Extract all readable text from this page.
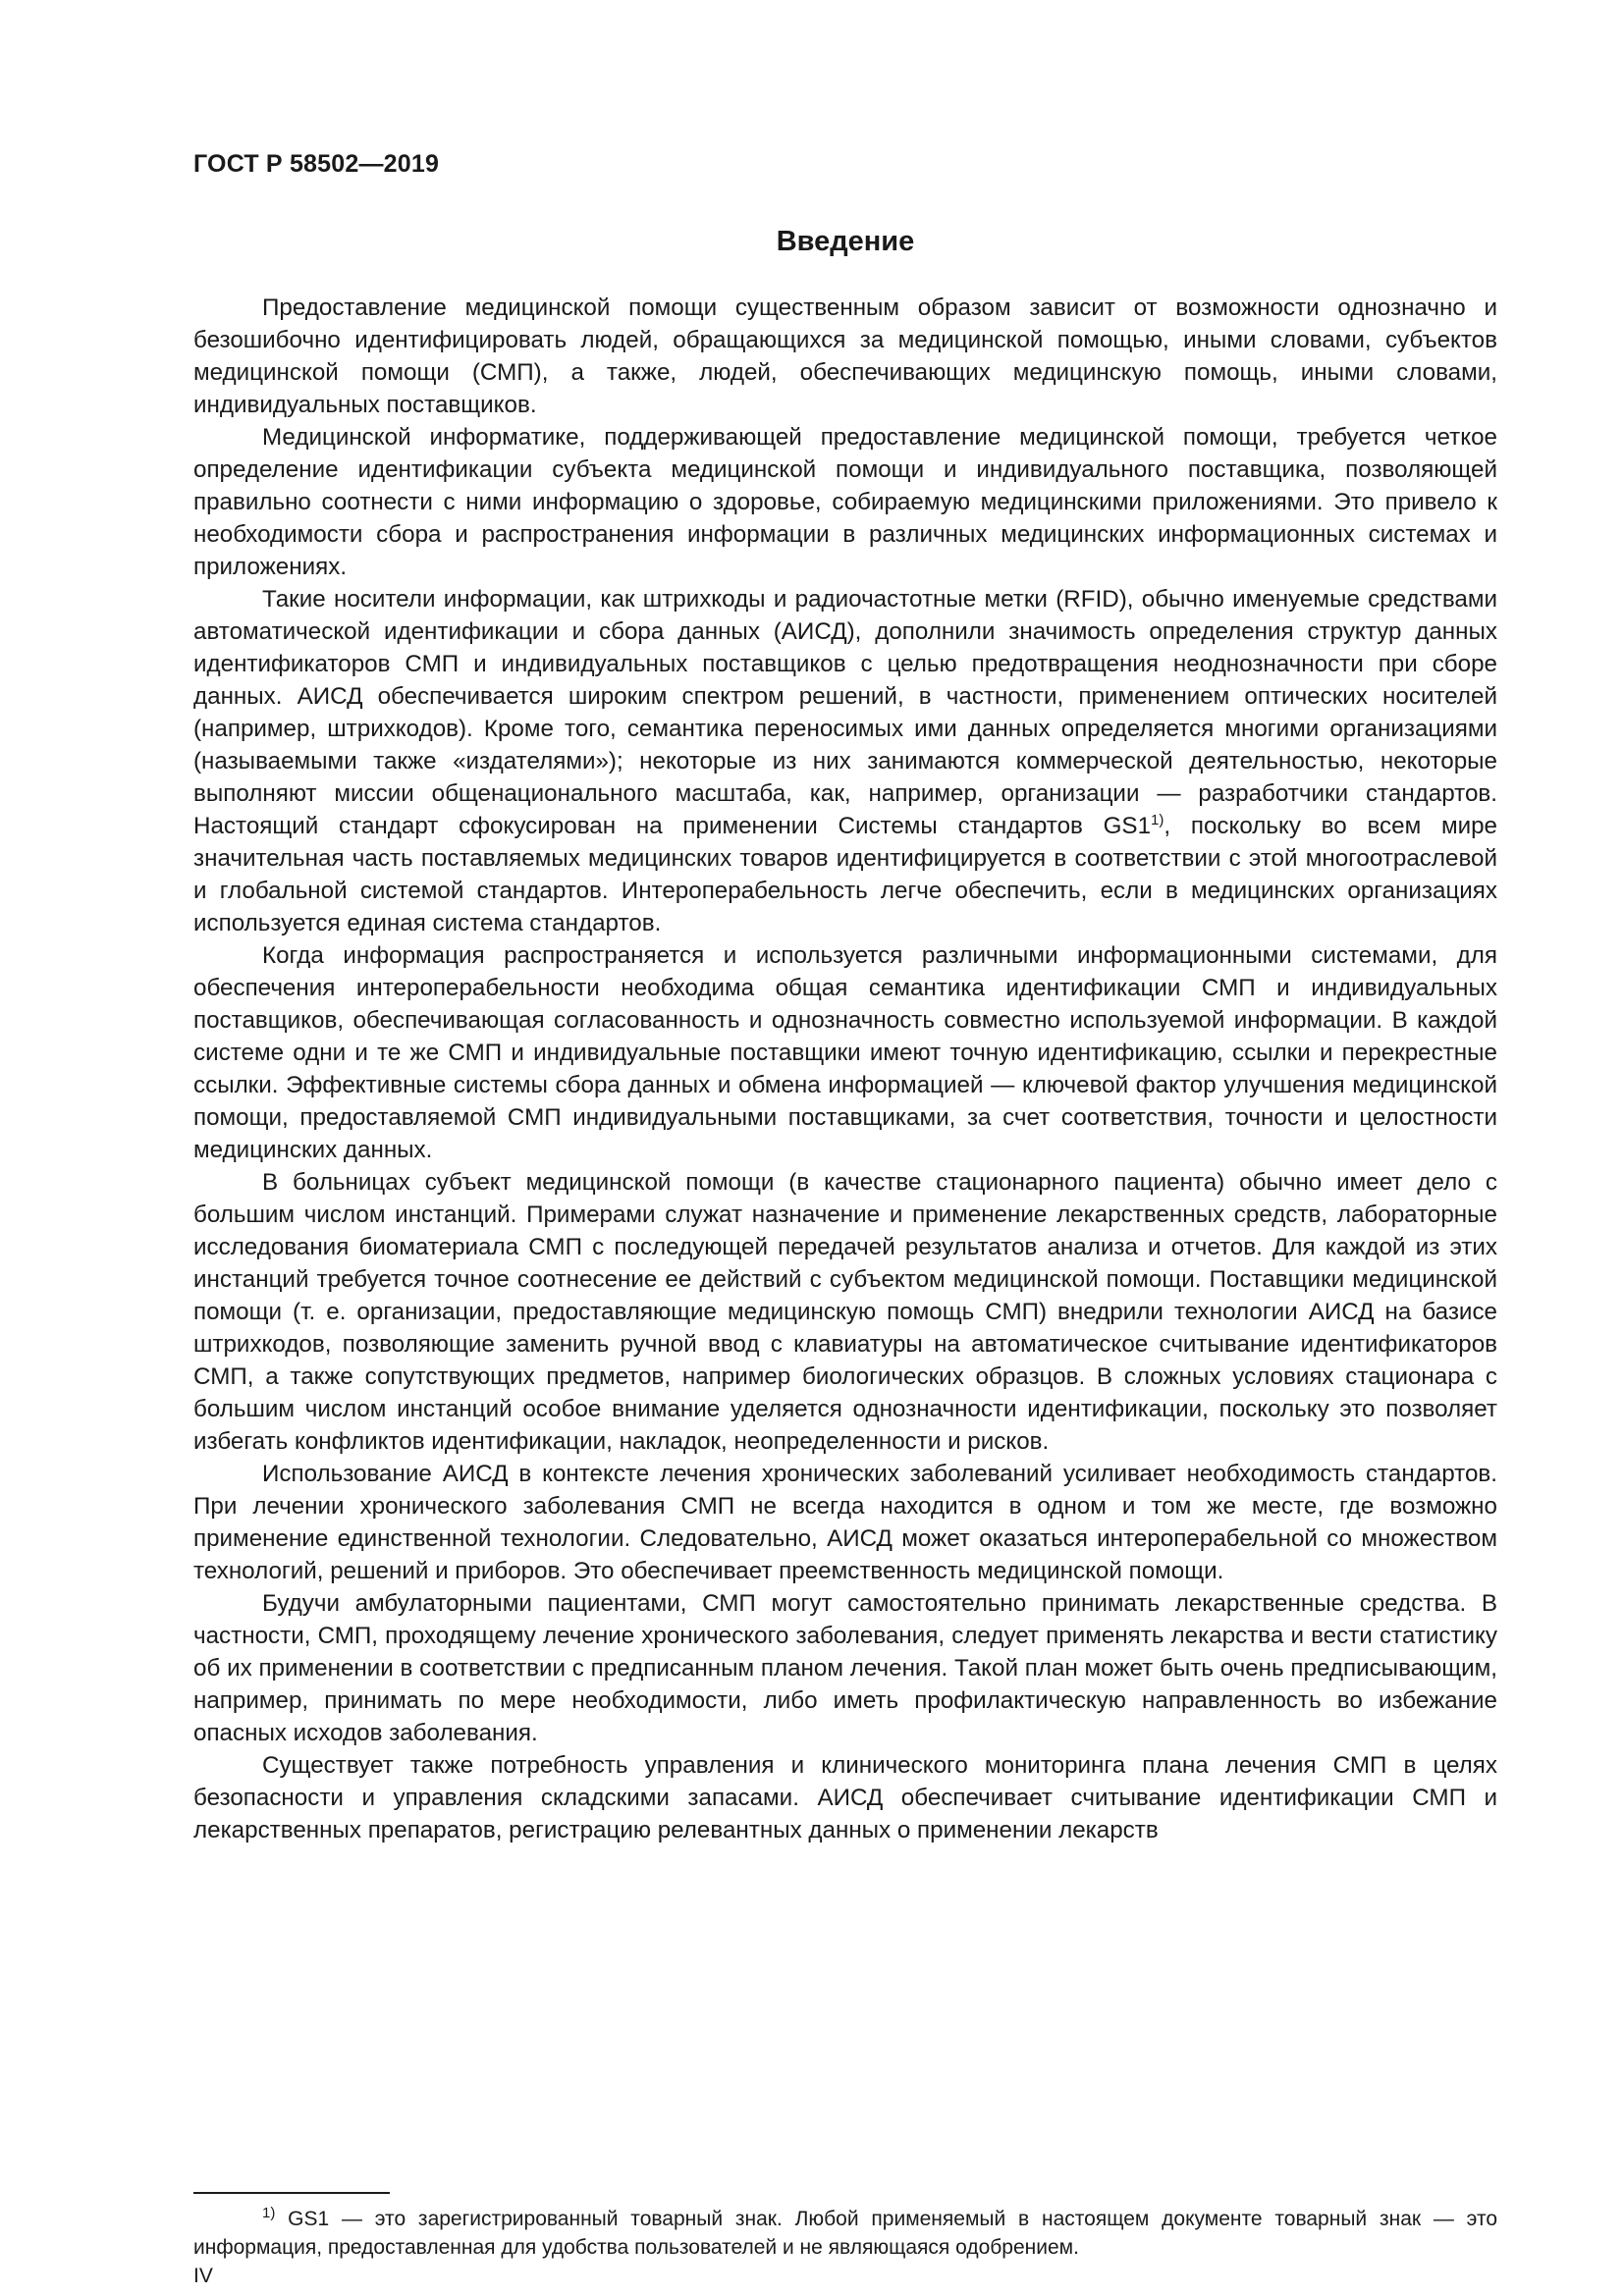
ГОСТ Р 58502—2019
Введение

Предоставление медицинской помощи существенным образом зависит от возможности однозначно и безошибочно идентифицировать людей, обращающихся за медицинской помощью, иными словами, субъектов медицинской помощи (СМП), а также, людей, обеспечивающих медицинскую помощь, иными словами, индивидуальных поставщиков.

Медицинской информатике, поддерживающей предоставление медицинской помощи, требуется четкое определение идентификации субъекта медицинской помощи и индивидуального поставщика, позволяющей правильно соотнести с ними информацию о здоровье, собираемую медицинскими приложениями. Это привело к необходимости сбора и распространения информации в различных медицинских информационных системах и приложениях.

Такие носители информации, как штрихкоды и радиочастотные метки (RFID), обычно именуемые средствами автоматической идентификации и сбора данных (АИСД), дополнили значимость определения структур данных идентификаторов СМП и индивидуальных поставщиков с целью предотвращения неоднозначности при сборе данных. АИСД обеспечивается широким спектром решений, в частности, применением оптических носителей (например, штрихкодов). Кроме того, семантика переносимых ими данных определяется многими организациями (называемыми также «издателями»); некоторые из них занимаются коммерческой деятельностью, некоторые выполняют миссии общенационального масштаба, как, например, организации — разработчики стандартов. Настоящий стандарт сфокусирован на применении Системы стандартов GS1$^{1)}$, поскольку во всем мире значительная часть поставляемых медицинских товаров идентифицируется в соответствии с этой многоотраслевой и глобальной системой стандартов. Интероперабельность легче обеспечить, если в медицинских организациях используется единая система стандартов.

Когда информация распространяется и используется различными информационными системами, для обеспечения интероперабельности необходима общая семантика идентификации СМП и индивидуальных поставщиков, обеспечивающая согласованность и однозначность совместно используемой информации. В каждой системе одни и те же СМП и индивидуальные поставщики имеют точную идентификацию, ссылки и перекрестные ссылки. Эффективные системы сбора данных и обмена информацией — ключевой фактор улучшения медицинской помощи, предоставляемой СМП индивидуальными поставщиками, за счет соответствия, точности и целостности медицинских данных.

В больницах субъект медицинской помощи (в качестве стационарного пациента) обычно имеет дело с большим числом инстанций. Примерами служат назначение и применение лекарственных средств, лабораторные исследования биоматериала СМП с последующей передачей результатов анализа и отчетов. Для каждой из этих инстанций требуется точное соотнесение ее действий с субъектом медицинской помощи. Поставщики медицинской помощи (т. е. организации, предоставляющие медицинскую помощь СМП) внедрили технологии АИСД на базисе штрихкодов, позволяющие заменить ручной ввод с клавиатуры на автоматическое считывание идентификаторов СМП, а также сопутствующих предметов, например биологических образцов. В сложных условиях стационара с большим числом инстанций особое внимание уделяется однозначности идентификации, поскольку это позволяет избегать конфликтов идентификации, накладок, неопределенности и рисков.

Использование АИСД в контексте лечения хронических заболеваний усиливает необходимость стандартов. При лечении хронического заболевания СМП не всегда находится в одном и том же месте, где возможно применение единственной технологии. Следовательно, АИСД может оказаться интероперабельной со множеством технологий, решений и приборов. Это обеспечивает преемственность медицинской помощи.

Будучи амбулаторными пациентами, СМП могут самостоятельно принимать лекарственные средства. В частности, СМП, проходящему лечение хронического заболевания, следует применять лекарства и вести статистику об их применении в соответствии с предписанным планом лечения. Такой план может быть очень предписывающим, например, принимать по мере необходимости, либо иметь профилактическую направленность во избежание опасных исходов заболевания.

Существует также потребность управления и клинического мониторинга плана лечения СМП в целях безопасности и управления складскими запасами. АИСД обеспечивает считывание идентификации СМП и лекарственных препаратов, регистрацию релевантных данных о применении лекарств

$^{1)}$ GS1 — это зарегистрированный товарный знак. Любой применяемый в настоящем документе товарный знак — это информация, предоставленная для удобства пользователей и не являющаяся одобрением.
IV
